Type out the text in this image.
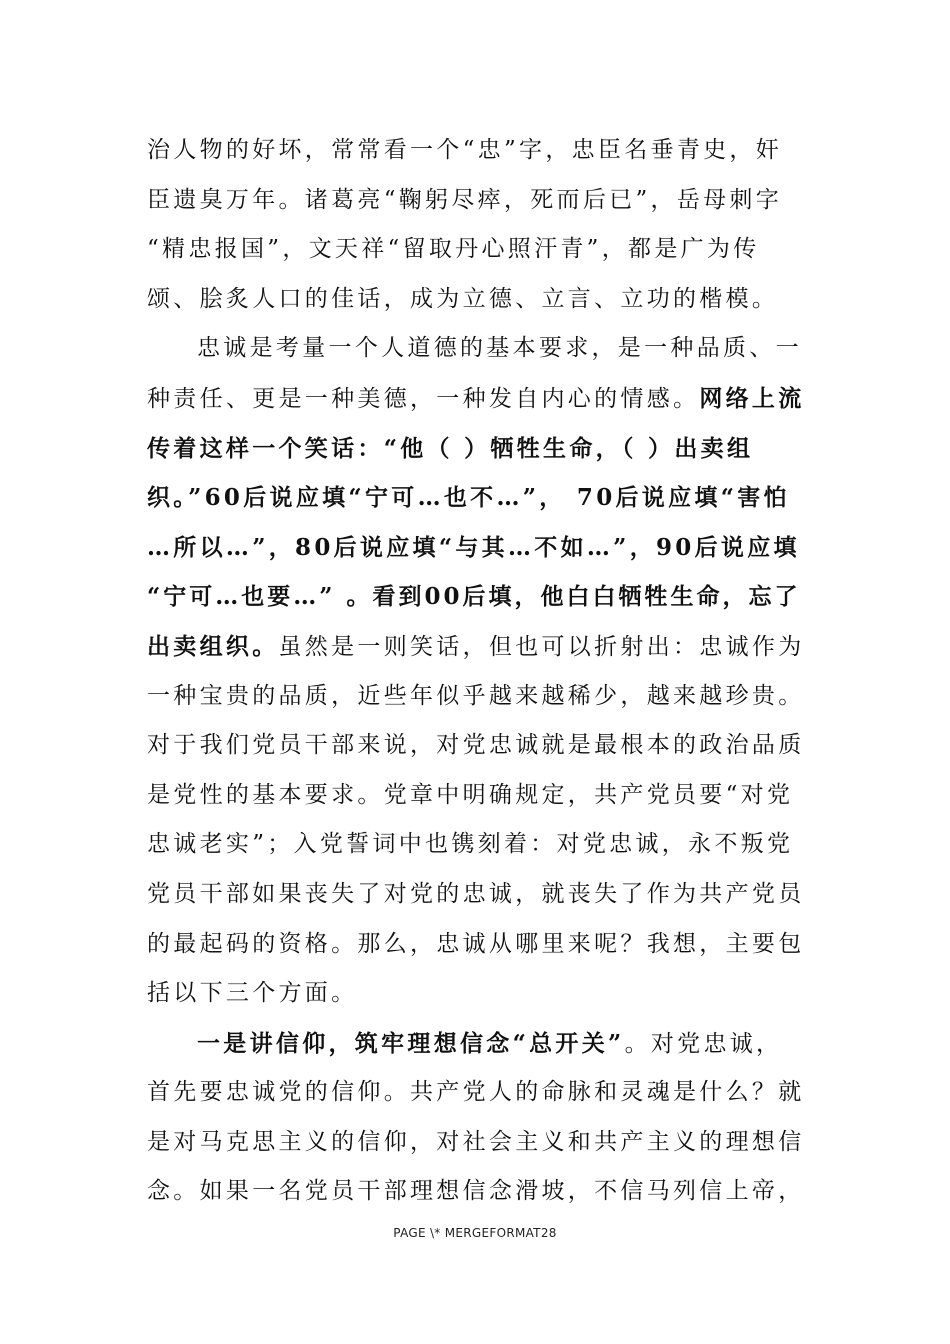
治人物的好坏，常常看一个“忠”字，忠臣名垂青史，奸
臣遗臭万年。诸葛亮“鞠躬尽瘁，死而后已”，岳母刺字
“精忠报国”，文天祥“留取丹心照汗青”，都是广为传
颂、脍炙人口的佳话，成为立德、立言、立功的楷模。
忠诚是考量一个人道德的基本要求，是一种品质、一
种责任、更是一种美德，一种发自内心的情感。网络上流
传着这样一个笑话：“他（ ）牺牲生命，（ ）出卖组
织。”60后说应填“宁可…也不…”， 70后说应填“害怕
…所以…”，80后说应填“与其…不如…”，90后说应填
“宁可…也要…” 。看到00后填，他白白牺牲生命，忘了
出卖组织。虽然是一则笑话，但也可以折射出：忠诚作为
一种宝贵的品质，近些年似乎越来越稀少，越来越珍贵。
对于我们党员干部来说，对党忠诚就是最根本的政治品质
是党性的基本要求。党章中明确规定，共产党员要“对党
忠诚老实”；入党誓词中也镌刻着：对党忠诚，永不叛党
党员干部如果丧失了对党的忠诚，就丧失了作为共产党员
的最起码的资格。那么，忠诚从哪里来呢？我想，主要包
括以下三个方面。
一是讲信仰，筑牢理想信念“总开关”。对党忠诚，
首先要忠诚党的信仰。共产党人的命脉和灵魂是什么？就
是对马克思主义的信仰，对社会主义和共产主义的理想信
念。如果一名党员干部理想信念滑坡，不信马列信上帝，
PAGE \* MERGEFORMAT28
